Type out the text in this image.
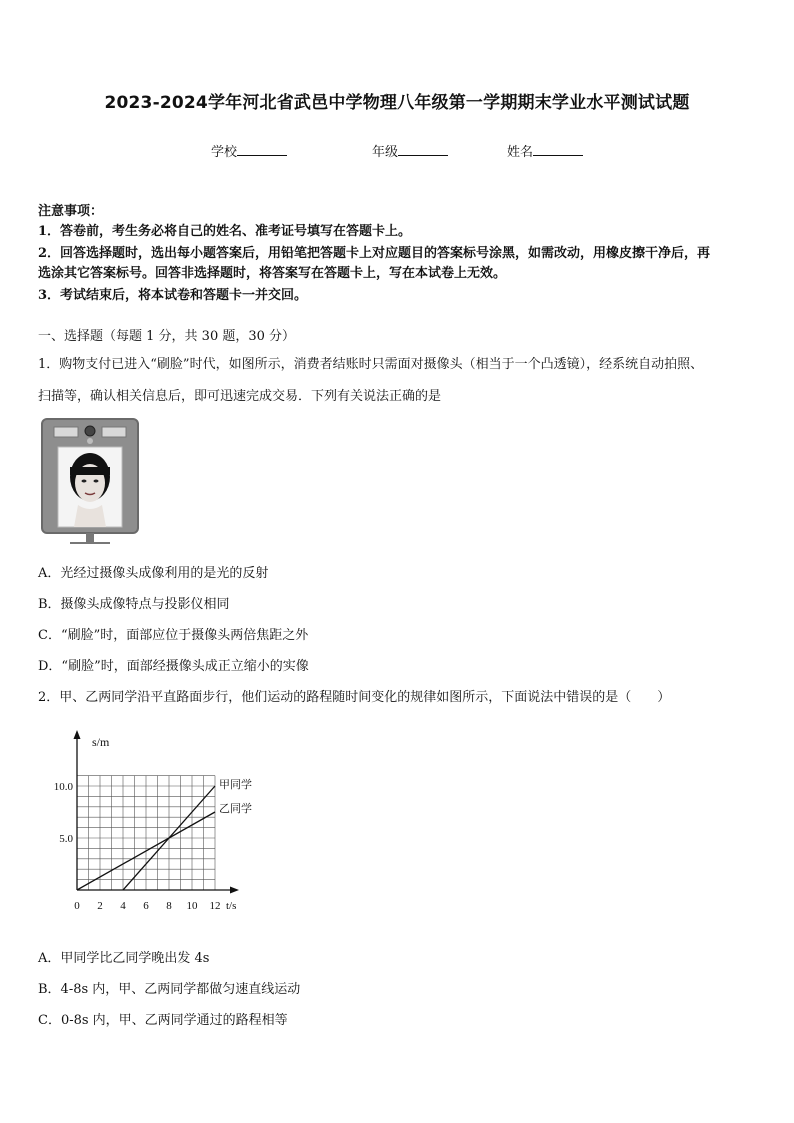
2023-2024学年河北省武邑中学物理八年级第一学期期末学业水平测试试题
学校	年级	姓名
注意事项：
1．答卷前，考生务必将自己的姓名、准考证号填写在答题卡上。
2．回答选择题时，选出每小题答案后，用铅笔把答题卡上对应题目的答案标号涂黑，如需改动，用橡皮擦干净后，再
选涂其它答案标号。回答非选择题时，将答案写在答题卡上，写在本试卷上无效。
3．考试结束后，将本试卷和答题卡一并交回。
一、选择题（每题 1 分，共 30 题，30 分）
1．购物支付已进入“刷脸”时代，如图所示，消费者结账时只需面对摄像头（相当于一个凸透镜），经系统自动拍照、
扫描等，确认相关信息后，即可迅速完成交易．下列有关说法正确的是
A．光经过摄像头成像利用的是光的反射
B．摄像头成像特点与投影仪相同
C．“刷脸”时，面部应位于摄像头两倍焦距之外
D．“刷脸”时，面部经摄像头成正立缩小的实像
2．甲、乙两同学沿平直路面步行，他们运动的路程随时间变化的规律如图所示，下面说法中错误的是（　　）
0 2 4 6 8 10 12
5.0
10.0	甲同学
乙同学
s/m
t/s
A．甲同学比乙同学晚出发 4s
B．4-8s 内，甲、乙两同学都做匀速直线运动
C．0-8s 内，甲、乙两同学通过的路程相等
